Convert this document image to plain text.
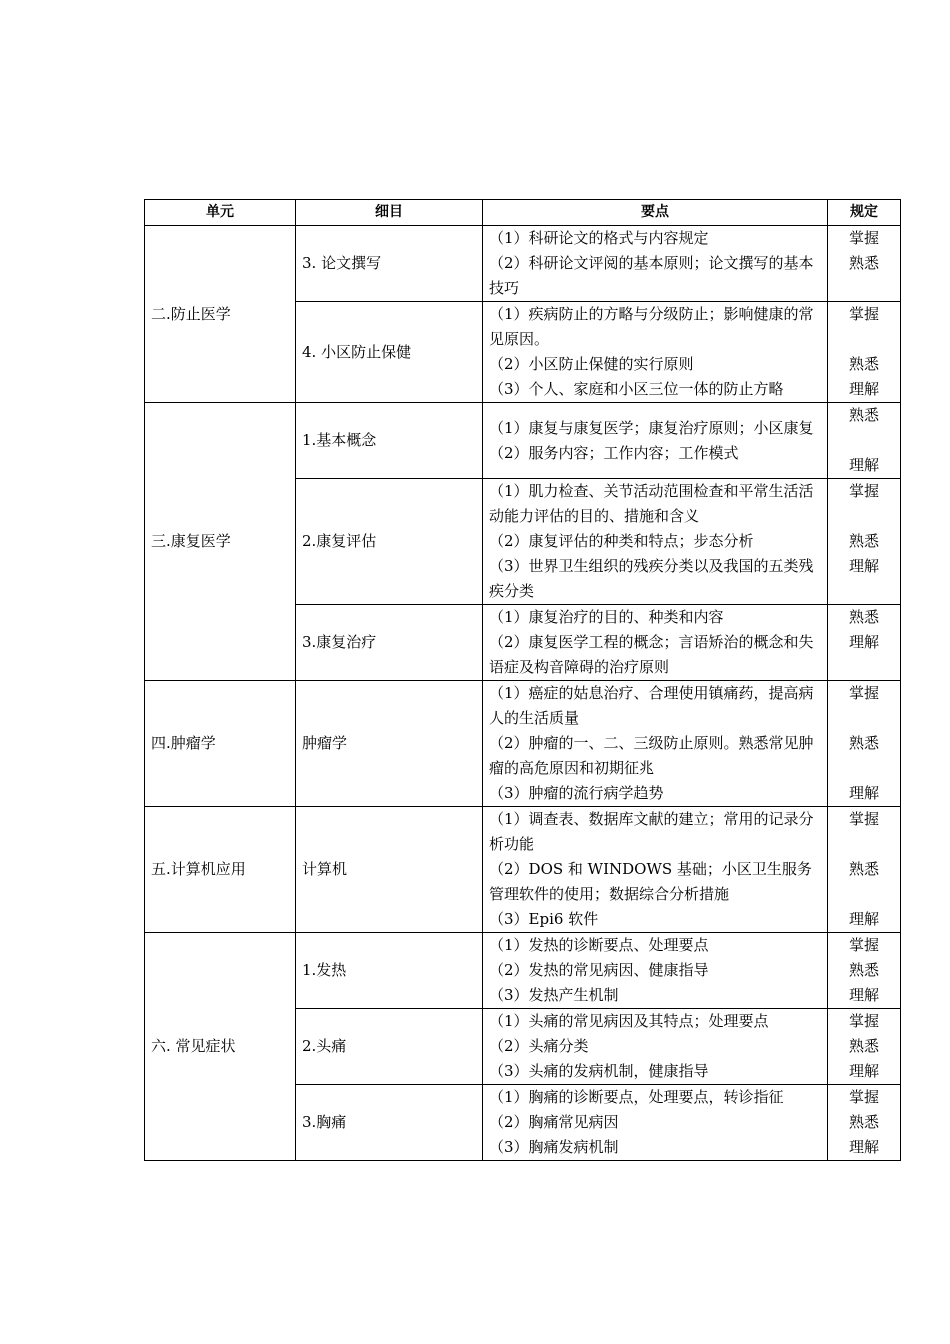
单元	细目	要点	规定
二.防止医学	3. 论文撰写	（1）科研论文的格式与内容规定
（2）科研论文评阅的基本原则；论文撰写的基本技巧	掌握
熟悉

	4. 小区防止保健	（1）疾病防止的方略与分级防止；影响健康的常见原因。
（2）小区防止保健的实行原则
（3）个人、家庭和小区三位一体的防止方略	掌握
熟悉
理解

三.康复医学	1.基本概念	（1）康复与康复医学；康复治疗原则；小区康复
（2）服务内容；工作内容；工作模式	熟悉
理解

	2.康复评估	（1）肌力检查、关节活动范围检查和平常生活活动能力评估的目的、措施和含义
（2）康复评估的种类和特点；步态分析
（3）世界卫生组织的残疾分类以及我国的五类残疾分类	掌握
熟悉
理解

	3.康复治疗	（1）康复治疗的目的、种类和内容
（2）康复医学工程的概念；言语矫治的概念和失语症及构音障碍的治疗原则	熟悉
理解

四.肿瘤学	肿瘤学	（1）癌症的姑息治疗、合理使用镇痛药，提高病人的生活质量
（2）肿瘤的一、二、三级防止原则。熟悉常见肿瘤的高危原因和初期征兆
（3）肿瘤的流行病学趋势	掌握
熟悉
理解

五.计算机应用	计算机	（1）调查表、数据库文献的建立；常用的记录分析功能
（2）DOS 和 WINDOWS 基础；小区卫生服务管理软件的使用；数据综合分析措施
（3）Epi6 软件	掌握
熟悉
理解

六. 常见症状	1.发热	（1）发热的诊断要点、处理要点
（2）发热的常见病因、健康指导
（3）发热产生机制	掌握
熟悉
理解

	2.头痛	（1）头痛的常见病因及其特点；处理要点
（2）头痛分类
（3）头痛的发病机制，健康指导	掌握
熟悉
理解

	3.胸痛	（1）胸痛的诊断要点，处理要点，转诊指征
（2）胸痛常见病因
（3）胸痛发病机制	掌握
熟悉
理解
